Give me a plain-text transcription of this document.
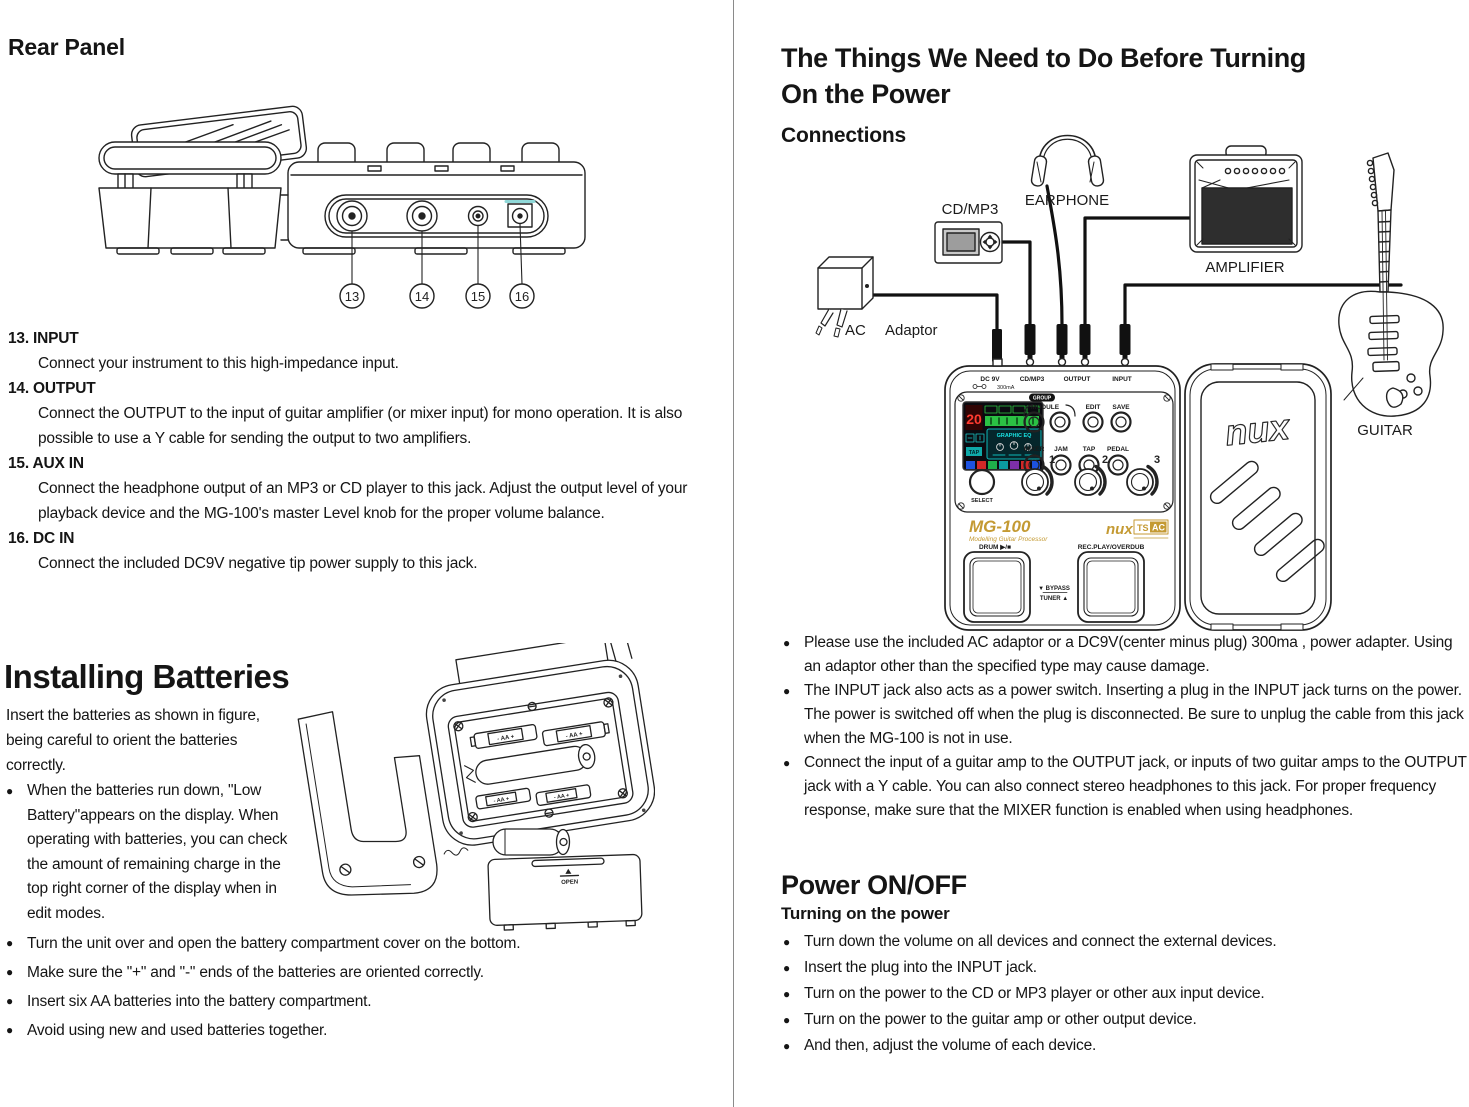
Rear Panel
13	14	15 16
13. INPUT
Connect your instrument to this high-impedance input.
14. OUTPUT
Connect the OUTPUT to the input of guitar amplifier (or mixer input) for mono operation. It is also possible to use a Y cable for sending the output to two amplifiers.
15. AUX IN
Connect the headphone output of an MP3 or CD player to this jack. Adjust the output level of your playback device and the MG-100's master Level knob for the proper volume balance.
16. DC IN
Connect the included DC9V negative tip power supply to this jack.
Installing Batteries
Insert the batteries as shown in figure, being careful to orient the batteries correctly.
● When the batteries run down, "Low Battery"appears on the display. When operating with batteries, you can check the amount of remaining charge in the top right corner of the display when in edit modes.
- AA +	- AA +
- AA +	- AA +
OPEN
● Turn the unit over and open the battery compartment cover on the bottom.
● Make sure the "+" and "-" ends of the batteries are oriented correctly.
● Insert six AA batteries into the battery compartment.
● Avoid using new and used batteries together.
The Things We Need to Do Before Turning
On the Power
Connections
EARPHONE
CD/MP3
AC Adaptor
AMPLIFIER
GUITAR
DC 9V
300mA
CD/MP3	OUTPUT	INPUT
20
TAP
GRAPHIC EQ
GROUP
MODULE	EDIT SAVE
MIXER JAM TAP PEDAL
SELECT
1	2	3
MG-100
Modelling Guitar Processor
nux TS AC
DRUM ▶/■	REC.PLAY/OVERDUB
▼ BYPASS
TUNER ▲
nux
● Please use the included AC adaptor or a DC9V(center minus plug) 300ma , power adapter. Using an adaptor other than the specified type may cause damage.
● The INPUT jack also acts as a power switch. Inserting a plug in the INPUT jack turns on the power. The power is switched off when the plug is disconnected. Be sure to unplug the cable from this jack when the MG-100 is not in use.
● Connect the input of a guitar amp to the OUTPUT jack, or inputs of two guitar amps to the OUTPUT jack with a Y cable. You can also connect stereo headphones to this jack. For proper frequency response, make sure that the MIXER function is enabled when using headphones.
Power ON/OFF
Turning on the power
● Turn down the volume on all devices and connect the external devices.
● Insert the plug into the INPUT jack.
● Turn on the power to the CD or MP3 player or other aux input device.
● Turn on the power to the guitar amp or other output device.
● And then, adjust the volume of each device.
